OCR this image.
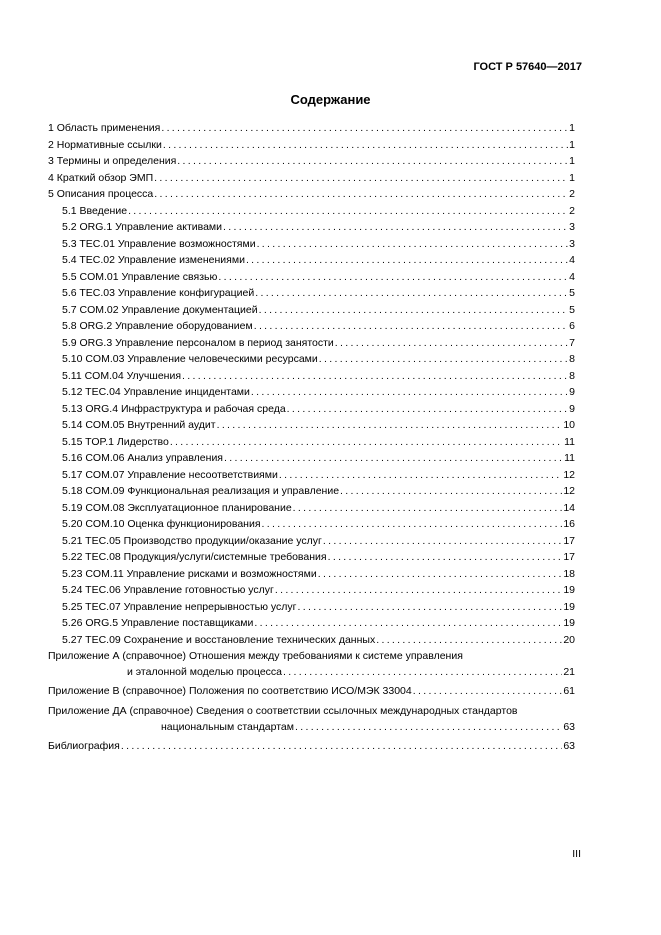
ГОСТ Р 57640—2017
Содержание
1 Область применения . . .	1
2 Нормативные ссылки . . .	1
3 Термины и определения . . .	1
4 Краткий обзор ЭМП . . .	1
5 Описания процесса . . .	2
5.1 Введение . . .	2
5.2 ORG.1 Управление активами . . .	3
5.3 TEC.01 Управление возможностями . . .	3
5.4 TEC.02 Управление изменениями . . .	4
5.5 COM.01 Управление связью . . .	4
5.6 TEC.03 Управление конфигурацией . . .	5
5.7 COM.02 Управление документацией . . .	5
5.8 ORG.2 Управление оборудованием . . .	6
5.9 ORG.3 Управление персоналом в период занятости . . .	7
5.10 COM.03 Управление человеческими ресурсами . . .	8
5.11 COM.04 Улучшения . . .	8
5.12 TEC.04 Управление инцидентами . . .	9
5.13 ORG.4 Инфраструктура и рабочая среда . . .	9
5.14 COM.05 Внутренний аудит . . .	10
5.15 TOP.1 Лидерство . . .	11
5.16 COM.06 Анализ управления . . .	11
5.17 COM.07 Управление несоответствиями . . .	12
5.18 COM.09 Функциональная реализация и управление . . .	12
5.19 COM.08 Эксплуатационное планирование . . .	14
5.20 COM.10 Оценка функционирования . . .	16
5.21 TEC.05 Производство продукции/оказание услуг . . .	17
5.22 TEC.08 Продукция/услуги/системные требования . . .	17
5.23 COM.11 Управление рисками и возможностями . . .	18
5.24 TEC.06 Управление готовностью услуг . . .	19
5.25 TEC.07 Управление непрерывностью услуг . . .	19
5.26 ORG.5 Управление поставщиками . . .	19
5.27 TEC.09 Сохранение и восстановление технических данных . . .	20
Приложение А (справочное) Отношения между требованиями к системе управления
и эталонной моделью процесса . . .	21
Приложение В (справочное) Положения по соответствию ИСО/МЭК 33004 . . .	61
Приложение ДА (справочное) Сведения о соответствии ссылочных международных стандартов
национальным стандартам . . .	63
Библиография . . .	63
III
